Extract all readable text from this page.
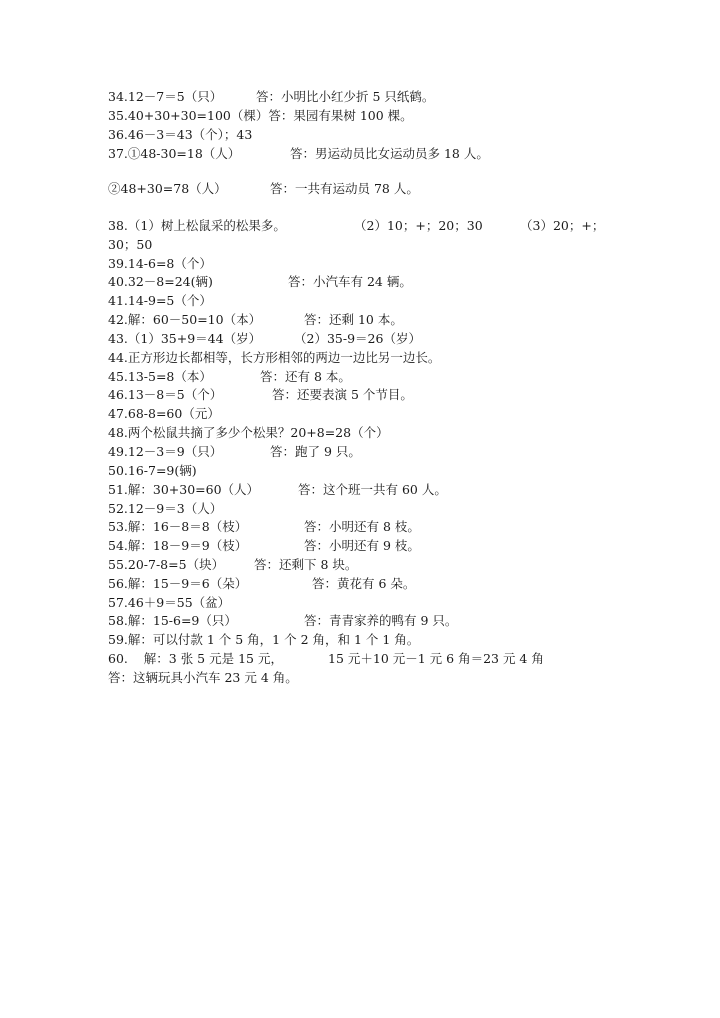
34.12－7＝5（只）	答：小明比小红少折 5 只纸鹤。
35.40+30+30=100（棵）答：果园有果树 100 棵。
36.46－3＝43（个）；43
37.①48-30=18（人）	答：男运动员比女运动员多 18 人。
②48+30=78（人）	答：一共有运动员 78 人。
38.（1）树上松鼠采的松果多。	（2）10；+；20；30	（3）20；+；
30；50
39.14-6=8（个）
40.32－8=24(辆)	答：小汽车有 24 辆。
41.14-9=5（个）
42.解：60－50=10（本）	答：还剩 10 本。
43.（1）35+9＝44（岁）	（2）35-9＝26（岁）
44.正方形边长都相等，长方形相邻的两边一边比另一边长。
45.13-5=8（本）	答：还有 8 本。
46.13－8＝5（个）	答：还要表演 5 个节目。
47.68-8=60（元）
48.两个松鼠共摘了多少个松果？20+8=28（个）
49.12－3＝9（只）	答：跑了 9 只。
50.16-7=9(辆)
51.解：30+30=60（人）	答：这个班一共有 60 人。
52.12－9＝3（人）
53.解：16－8＝8（枝）	答：小明还有 8 枝。
54.解：18－9＝9（枝）	答：小明还有 9 枝。
55.20-7-8=5（块） 答：还剩下 8 块。
56.解：15－9＝6（朵）	答：黄花有 6 朵。
57.46＋9＝55（盆）
58.解：15-6=9（只）	答：青青家养的鸭有 9 只。
59.解：可以付款 1 个 5 角，1 个 2 角，和 1 个 1 角。
60.    解：3 张 5 元是 15 元，	15 元＋10 元－1 元 6 角＝23 元 4 角
答：这辆玩具小汽车 23 元 4 角。
